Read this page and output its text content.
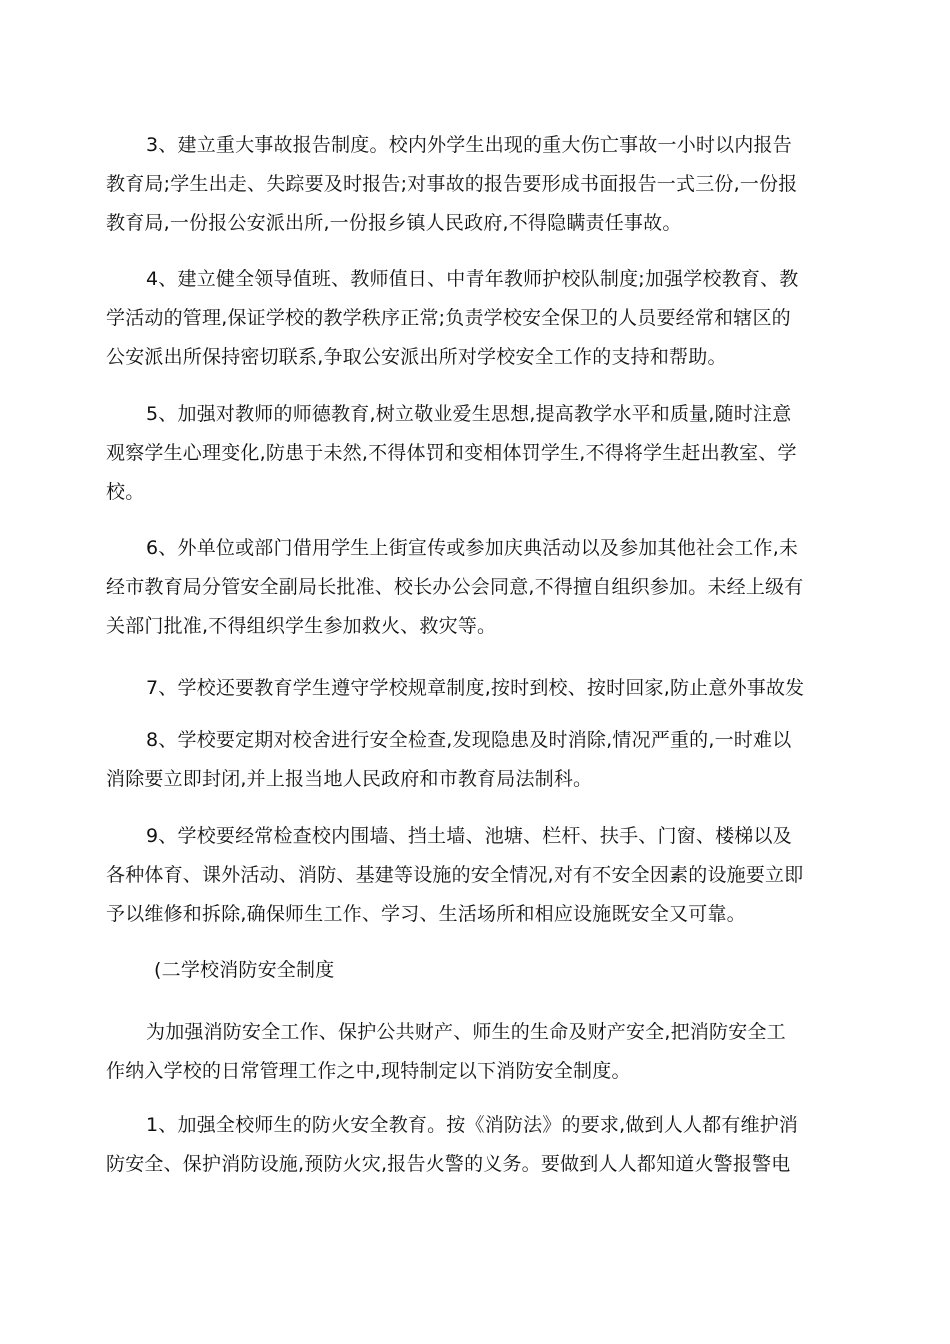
3、建立重大事故报告制度。校内外学生出现的重大伤亡事故一小时以内报告
教育局;学生出走、失踪要及时报告;对事故的报告要形成书面报告一式三份,一份报
教育局,一份报公安派出所,一份报乡镇人民政府,不得隐瞒责任事故。

4、建立健全领导值班、教师值日、中青年教师护校队制度;加强学校教育、教
学活动的管理,保证学校的教学秩序正常;负责学校安全保卫的人员要经常和辖区的
公安派出所保持密切联系,争取公安派出所对学校安全工作的支持和帮助。

5、加强对教师的师德教育,树立敬业爱生思想,提高教学水平和质量,随时注意
观察学生心理变化,防患于未然,不得体罚和变相体罚学生,不得将学生赶出教室、学
校。

6、外单位或部门借用学生上街宣传或参加庆典活动以及参加其他社会工作,未
经市教育局分管安全副局长批准、校长办公会同意,不得擅自组织参加。未经上级有
关部门批准,不得组织学生参加救火、救灾等。

7、学校还要教育学生遵守学校规章制度,按时到校、按时回家,防止意外事故发

8、学校要定期对校舍进行安全检查,发现隐患及时消除,情况严重的,一时难以
消除要立即封闭,并上报当地人民政府和市教育局法制科。

9、学校要经常检查校内围墙、挡土墙、池塘、栏杆、扶手、门窗、楼梯以及
各种体育、课外活动、消防、基建等设施的安全情况,对有不安全因素的设施要立即
予以维修和拆除,确保师生工作、学习、生活场所和相应设施既安全又可靠。

(二学校消防安全制度

为加强消防安全工作、保护公共财产、师生的生命及财产安全,把消防安全工
作纳入学校的日常管理工作之中,现特制定以下消防安全制度。

1、加强全校师生的防火安全教育。按《消防法》的要求,做到人人都有维护消
防安全、保护消防设施,预防火灾,报告火警的义务。要做到人人都知道火警报警电
